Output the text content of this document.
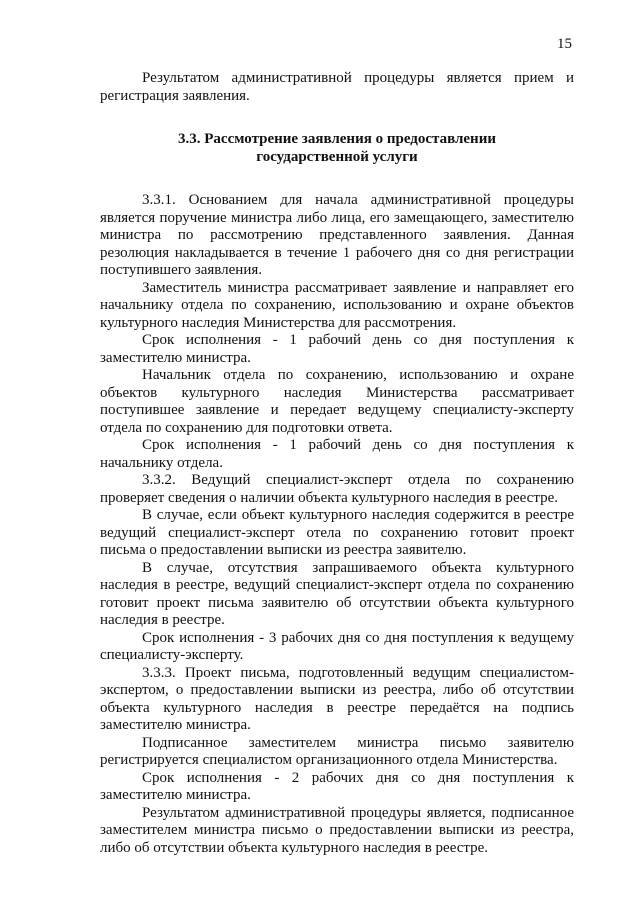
15

Результатом административной процедуры является прием и регистрация заявления.

3.3. Рассмотрение заявления о предоставлении государственной услуги

3.3.1. Основанием для начала административной процедуры является поручение министра либо лица, его замещающего, заместителю министра по рассмотрению представленного заявления. Данная резолюция накладывается в течение 1 рабочего дня со дня регистрации поступившего заявления.

Заместитель министра рассматривает заявление и направляет его начальнику отдела по сохранению, использованию и охране объектов культурного наследия Министерства для рассмотрения.

Срок исполнения - 1 рабочий день со дня поступления к заместителю министра.

Начальник отдела по сохранению, использованию и охране объектов культурного наследия Министерства рассматривает поступившее заявление и передает ведущему специалисту-эксперту отдела по сохранению для подготовки ответа.

Срок исполнения - 1 рабочий день со дня поступления к начальнику отдела.

3.3.2. Ведущий специалист-эксперт отдела по сохранению проверяет сведения о наличии объекта культурного наследия в реестре.

В случае, если объект культурного наследия содержится в реестре ведущий специалист-эксперт отела по сохранению готовит проект письма о предоставлении выписки из реестра заявителю.

В случае, отсутствия запрашиваемого объекта культурного наследия в реестре, ведущий специалист-эксперт отдела по сохранению готовит проект письма заявителю об отсутствии объекта культурного наследия в реестре.

Срок исполнения - 3 рабочих дня со дня поступления к ведущему специалисту-эксперту.

3.3.3. Проект письма, подготовленный ведущим специалистом-экспертом, о предоставлении выписки из реестра, либо об отсутствии объекта культурного наследия в реестре передаётся на подпись заместителю министра.

Подписанное заместителем министра письмо заявителю регистрируется специалистом организационного отдела Министерства.

Срок исполнения - 2 рабочих дня со дня поступления к заместителю министра.

Результатом административной процедуры является, подписанное заместителем министра письмо о предоставлении выписки из реестра, либо об отсутствии объекта культурного наследия в реестре.
